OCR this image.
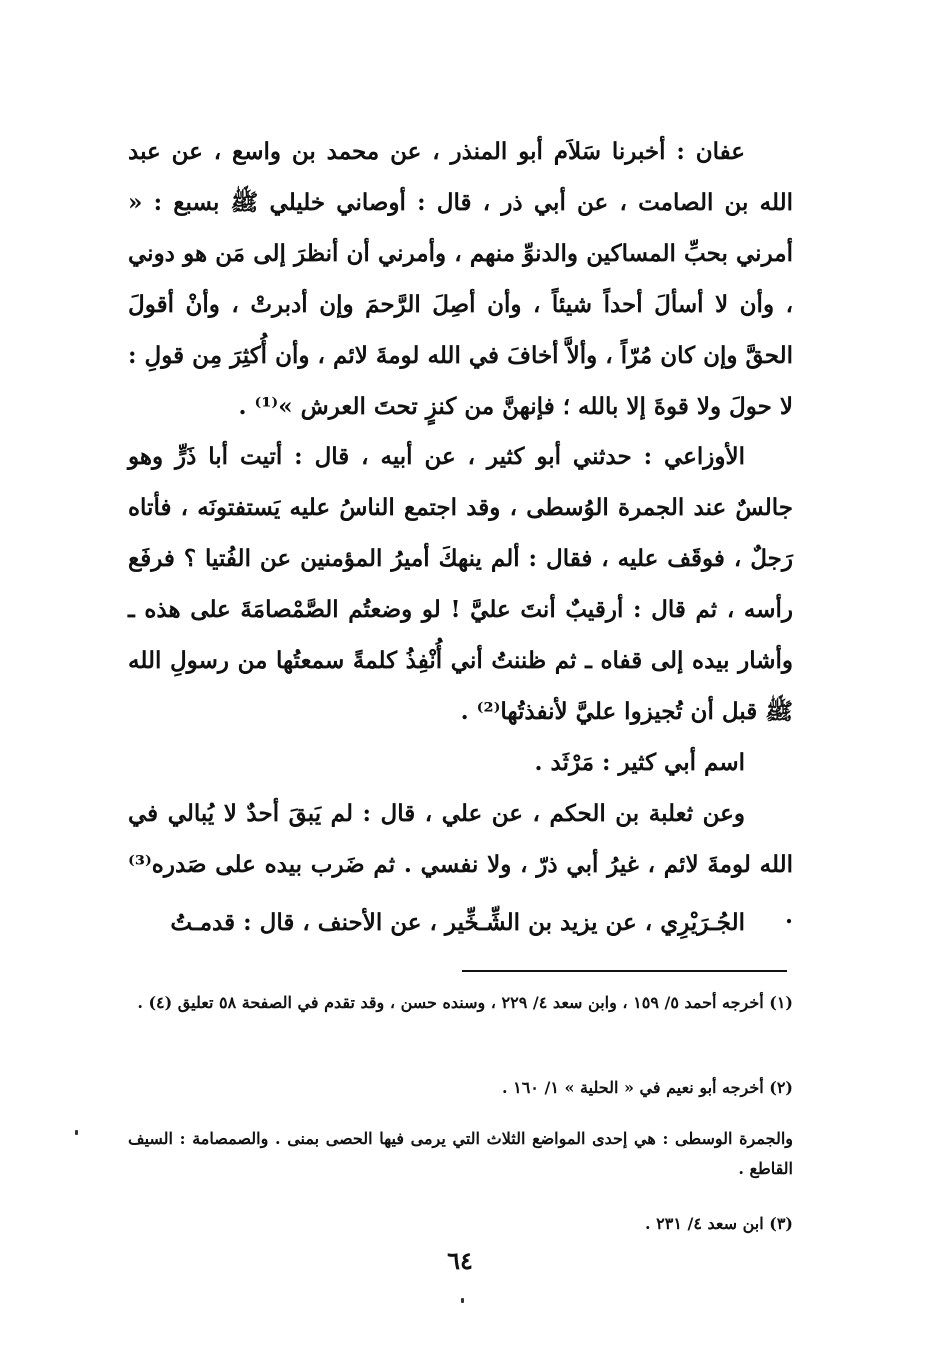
عفان : أخبرنا سَلاَم أبو المنذر ، عن محمد بن واسع ، عن عبد الله بن الصامت ، عن أبي ذر ، قال : أوصاني خليلي ﷺ بسبع : « أمرني بحبِّ المساكين والدنوِّ منهم ، وأمرني أن أنظرَ إلى مَن هو دوني ، وأن لا أسألَ أحداً شيئاً ، وأن أصِلَ الرَّحمَ وإن أدبرتْ ، وأنْ أقولَ الحقَّ وإن كان مُرّاً ، وألاَّ أخافَ في الله لومةَ لائم ، وأن أُكثِرَ مِن قولِ : لا حولَ ولا قوةَ إلا بالله ؛ فإنهنَّ من كنزٍ تحتَ العرش »⁽¹⁾ .

الأوزاعي : حدثني أبو كثير ، عن أبيه ، قال : أتيت أبا ذَرٍّ وهو جالسٌ عند الجمرة الوُسطى ، وقد اجتمع الناسُ عليه يَستفتونَه ، فأتاه رَجلٌ ، فوقَف عليه ، فقال : ألم ينهكَ أميرُ المؤمنين عن الفُتيا ؟ فرفَع رأسه ، ثم قال : أرقيبٌ أنتَ عليَّ ! لو وضعتُم الصَّمْصامَةَ على هذه ـ وأشار بيده إلى قفاه ـ ثم ظننتُ أني أُنْفِذُ كلمةً سمعتُها من رسولِ الله ﷺ قبل أن تُجيزوا عليَّ لأنفذتُها⁽²⁾ .

اسم أبي كثير : مَرْثَد .

وعن ثعلبة بن الحكم ، عن علي ، قال : لم يَبقَ أحدٌ لا يُبالي في الله لومةَ لائم ، غيرُ أبي ذرّ ، ولا نفسي . ثم ضَرب بيده على صَدره⁽³⁾ .

الجُـرَيْرِي ، عن يزيد بن الشِّـخِّير ، عن الأحنف ، قال : قدمـتُ

(١) أخرجه أحمد ٥/ ١٥٩ ، وابن سعد ٤/ ٢٢٩ ، وسنده حسن ، وقد تقدم في الصفحة ٥٨ تعليق (٤) .

(٢) أخرجه أبو نعيم في « الحلية » ١/ ١٦٠ .

والجمرة الوسطى : هي إحدى المواضع الثلاث التي يرمى فيها الحصى بمنى . والصمصامة : السيف القاطع .

(٣) ابن سعد ٤/ ٢٣١ .

٦٤
